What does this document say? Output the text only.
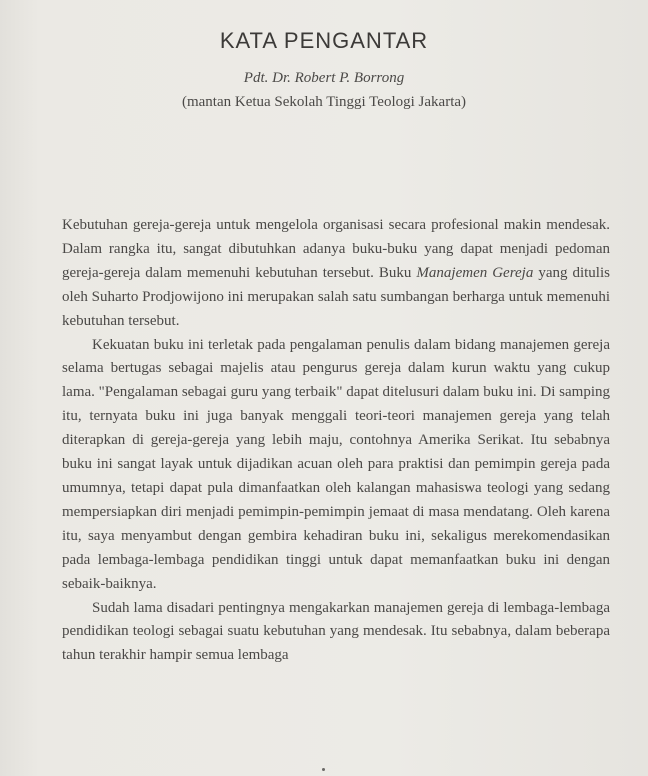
KATA PENGANTAR
Pdt. Dr. Robert P. Borrong
(mantan Ketua Sekolah Tinggi Teologi Jakarta)

Kebutuhan gereja-gereja untuk mengelola organisasi secara profesional makin mendesak. Dalam rangka itu, sangat dibutuhkan adanya buku-buku yang dapat menjadi pedoman gereja-gereja dalam memenuhi kebutuhan tersebut. Buku Manajemen Gereja yang ditulis oleh Suharto Prodjowijono ini merupakan salah satu sumbangan berharga untuk memenuhi kebutuhan tersebut.

Kekuatan buku ini terletak pada pengalaman penulis dalam bidang manajemen gereja selama bertugas sebagai majelis atau pengurus gereja dalam kurun waktu yang cukup lama. "Pengalaman sebagai guru yang terbaik" dapat ditelusuri dalam buku ini. Di samping itu, ternyata buku ini juga banyak menggali teori-teori manajemen gereja yang telah diterapkan di gereja-gereja yang lebih maju, contohnya Amerika Serikat. Itu sebabnya buku ini sangat layak untuk dijadikan acuan oleh para praktisi dan pemimpin gereja pada umumnya, tetapi dapat pula dimanfaatkan oleh kalangan mahasiswa teologi yang sedang mempersiapkan diri menjadi pemimpin-pemimpin jemaat di masa mendatang. Oleh karena itu, saya menyambut dengan gembira kehadiran buku ini, sekaligus merekomendasikan pada lembaga-lembaga pendidikan tinggi untuk dapat memanfaatkan buku ini dengan sebaik-baiknya.

Sudah lama disadari pentingnya mengakarkan manajemen gereja di lembaga-lembaga pendidikan teologi sebagai suatu kebutuhan yang mendesak. Itu sebabnya, dalam beberapa tahun terakhir hampir semua lembaga
